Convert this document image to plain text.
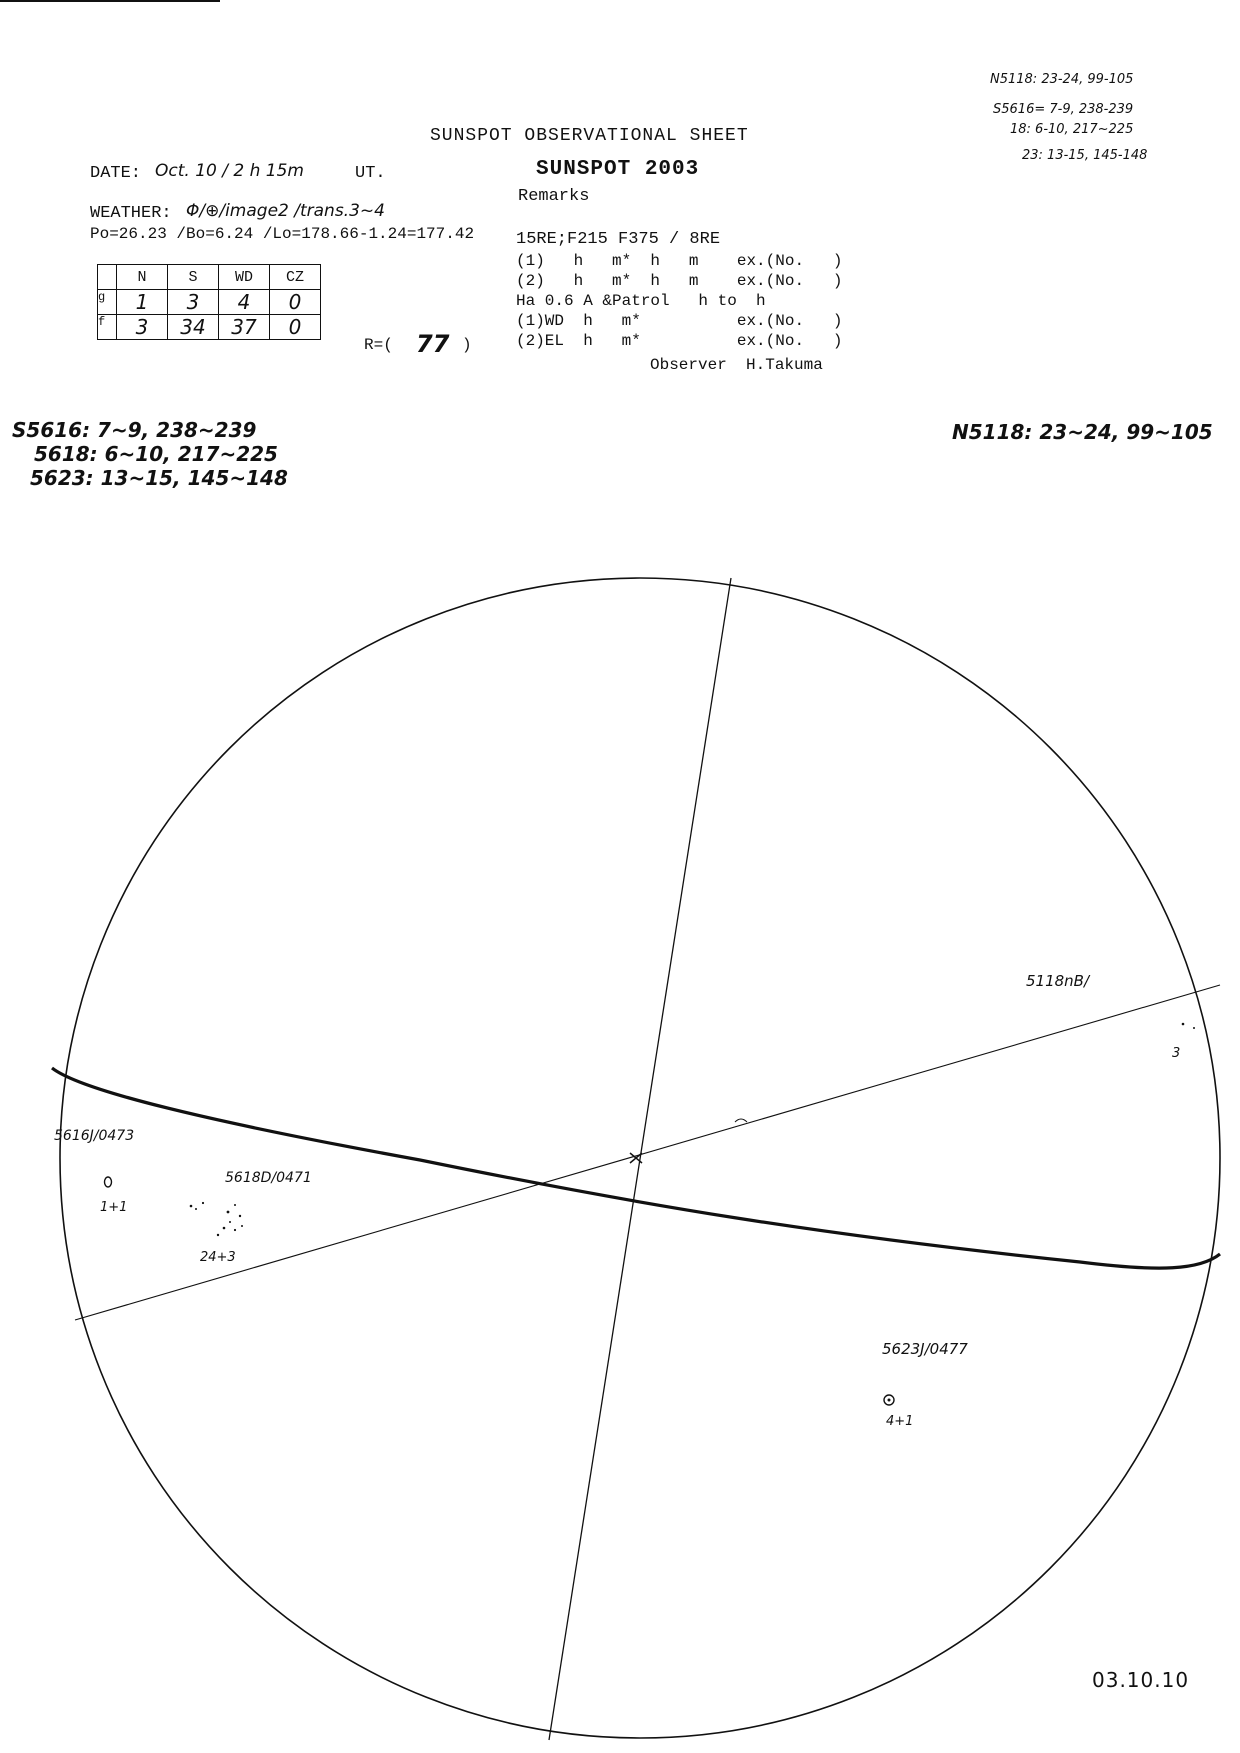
SUNSPOT OBSERVATIONAL SHEET
SUNSPOT 2003
Remarks
DATE: Oct. 10 / 2 h 15m	UT.
WEATHER: Φ/⊕/image2 /trans.3~4
Po=26.23 /Bo=6.24 /Lo=178.66-1.24=177.42 15RE;F215 F375 / 8RE
(1)   h   m*  h   m    ex.(No.   )
(2)   h   m*  h   m    ex.(No.   )
Ha 0.6 A &Patrol   h to  h
(1)WD  h   m*          ex.(No.   )
(2)EL  h   m*          ex.(No.   )
Observer  H.Takuma
	N	S	WD	CZ
g	1	3	4	0
f	3	34	37	0
R=( 77 )
N5118: 23-24, 99-105
S5616= 7-9, 238-239
18: 6-10, 217~225
23: 13-15, 145-148
S5616: 7~9, 238~239
5618: 6~10, 217~225
5623: 13~15, 145~148
N5118: 23~24, 99~105
5118nB/
3
5616J/0473
1+1
5618D/0471
24+3
5623J/0477
4+1
03.10.10
